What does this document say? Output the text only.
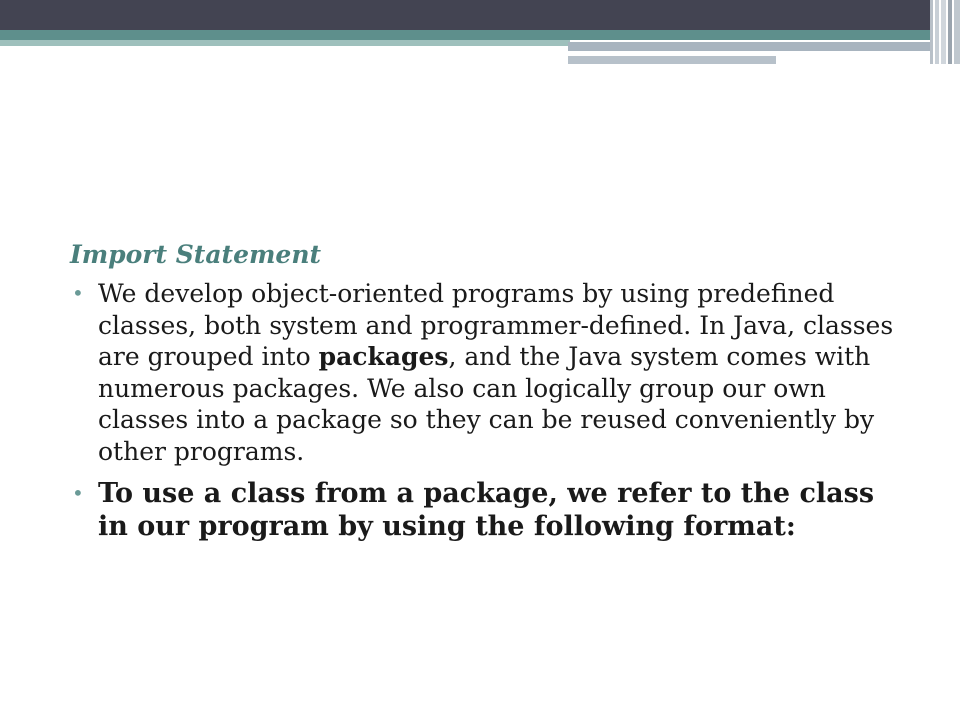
Import Statement
• We develop object-oriented programs by using predefined classes, both system and programmer-defined. In Java, classes are grouped into packages, and the Java system comes with numerous packages. We also can logically group our own classes into a package so they can be reused conveniently by other programs.
• To use a class from a package, we refer to the class in our program by using the following format:
